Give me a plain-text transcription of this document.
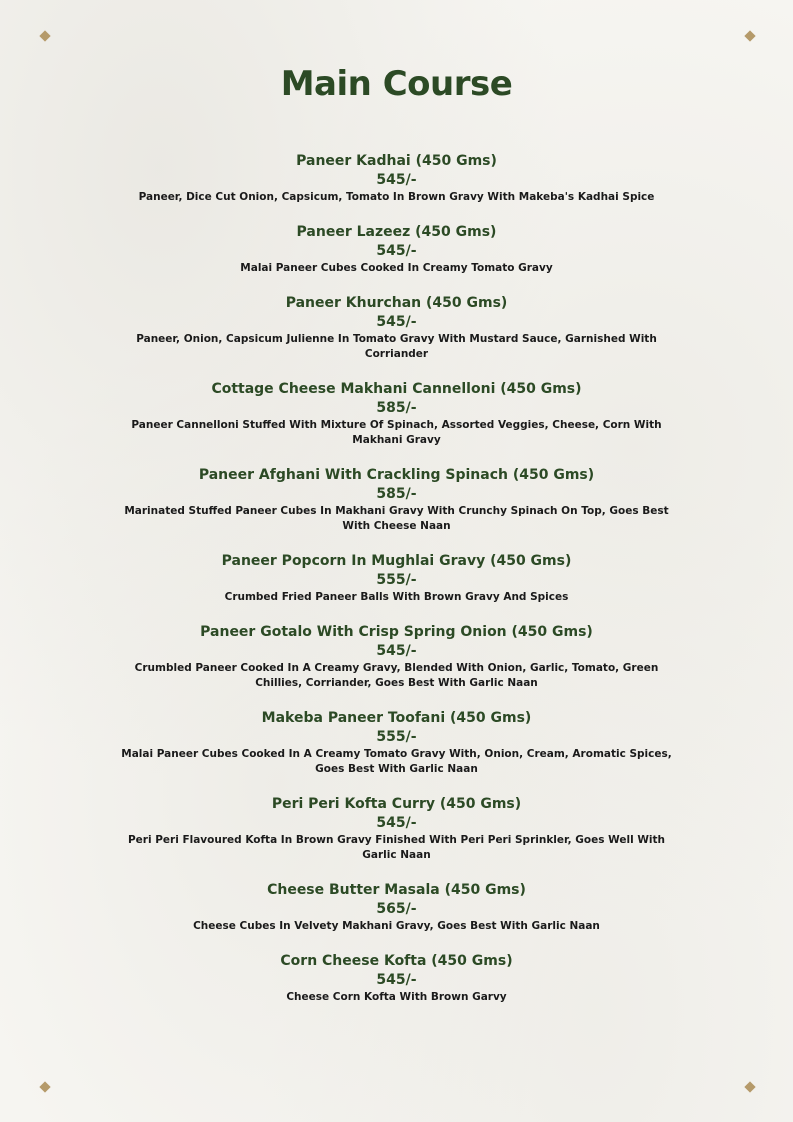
Main Course
Paneer Kadhai (450 Gms)
545/-
Paneer, Dice Cut Onion, Capsicum, Tomato In Brown Gravy With Makeba's Kadhai Spice
Paneer Lazeez (450 Gms)
545/-
Malai Paneer Cubes Cooked In Creamy Tomato Gravy
Paneer Khurchan (450 Gms)
545/-
Paneer, Onion, Capsicum Julienne In Tomato Gravy With Mustard Sauce, Garnished With Corriander
Cottage Cheese Makhani Cannelloni (450 Gms)
585/-
Paneer Cannelloni Stuffed With Mixture Of Spinach, Assorted Veggies, Cheese, Corn With Makhani Gravy
Paneer Afghani With Crackling Spinach (450 Gms)
585/-
Marinated Stuffed Paneer Cubes In Makhani Gravy With Crunchy Spinach On Top, Goes Best With Cheese Naan
Paneer Popcorn In Mughlai Gravy (450 Gms)
555/-
Crumbed Fried Paneer Balls With Brown Gravy And Spices
Paneer Gotalo With Crisp Spring Onion (450 Gms)
545/-
Crumbled Paneer Cooked In A Creamy Gravy, Blended With Onion, Garlic, Tomato, Green Chillies, Corriander, Goes Best With Garlic Naan
Makeba Paneer Toofani (450 Gms)
555/-
Malai Paneer Cubes Cooked In A Creamy Tomato Gravy With, Onion, Cream, Aromatic Spices, Goes Best With Garlic Naan
Peri Peri Kofta Curry (450 Gms)
545/-
Peri Peri Flavoured Kofta In Brown Gravy Finished With Peri Peri Sprinkler, Goes Well With Garlic Naan
Cheese Butter Masala (450 Gms)
565/-
Cheese Cubes In Velvety Makhani Gravy, Goes Best With Garlic Naan
Corn Cheese Kofta (450 Gms)
545/-
Cheese Corn Kofta With Brown Garvy
